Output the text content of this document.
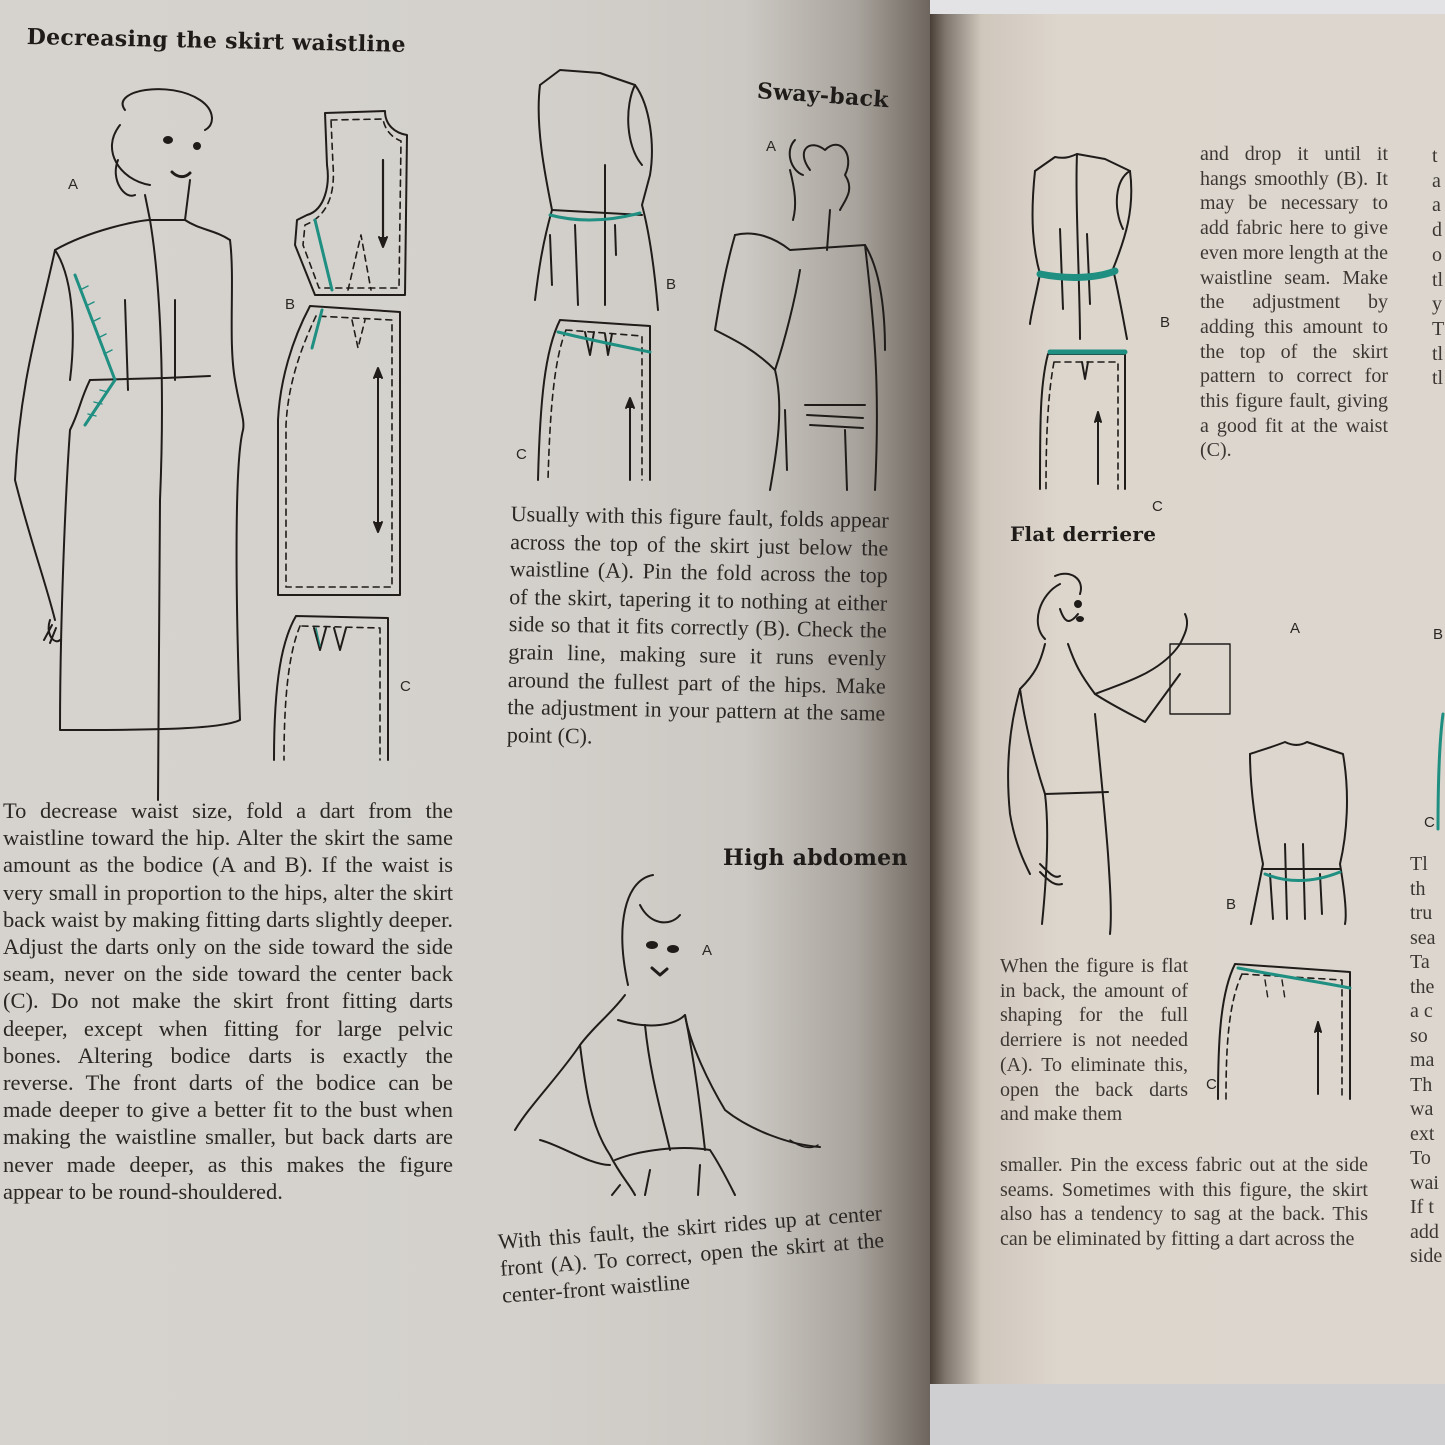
Decreasing the skirt waistline
A
B
C

To decrease waist size, fold a dart from the waistline toward the hip. Alter the skirt the same amount as the bodice (A and B). If the waist is very small in proportion to the hips, alter the skirt back waist by making fitting darts slightly deeper. Adjust the darts only on the side toward the side seam, never on the side toward the center back (C). Do not make the skirt front fitting darts deeper, except when fitting for large pelvic bones. Altering bodice darts is exactly the reverse. The front darts of the bodice can be made deeper to give a better fit to the bust when making the waistline smaller, but back darts are never made deeper, as this makes the figure appear to be round-shouldered.

Sway-back
B
C
A

Usually with this figure fault, folds appear across the top of the skirt just below the waistline (A). Pin the fold across the top of the skirt, tapering it to nothing at either side so that it fits correctly (B). Check the grain line, making sure it runs evenly around the fullest part of the hips. Make the adjustment in your pattern at the same point (C).

High abdomen
A

With this fault, the skirt rides up at center front (A). To correct, open the skirt at the center-front waistline

B
C

and drop it until it hangs smoothly (B). It may be necessary to add fabric here to give even more length at the waistline seam. Make the adjustment by adding this amount to the top of the skirt pattern to correct for this figure fault, giving a good fit at the waist (C).

t
a
a
d
o
tl
y
T
tl
tl
Flat derriere
A
B
C

When the figure is flat in back, the amount of shaping for the full derriere is not needed (A). To eliminate this, open the back darts and make them

smaller. Pin the excess fabric out at the side seams. Sometimes with this figure, the skirt also has a tendency to sag at the back. This can be eliminated by fitting a dart across the

B
C
Tl
th
tru
sea
Ta
the
a c
so
ma
Th
wa
ext
To
wai
If t
add
side
